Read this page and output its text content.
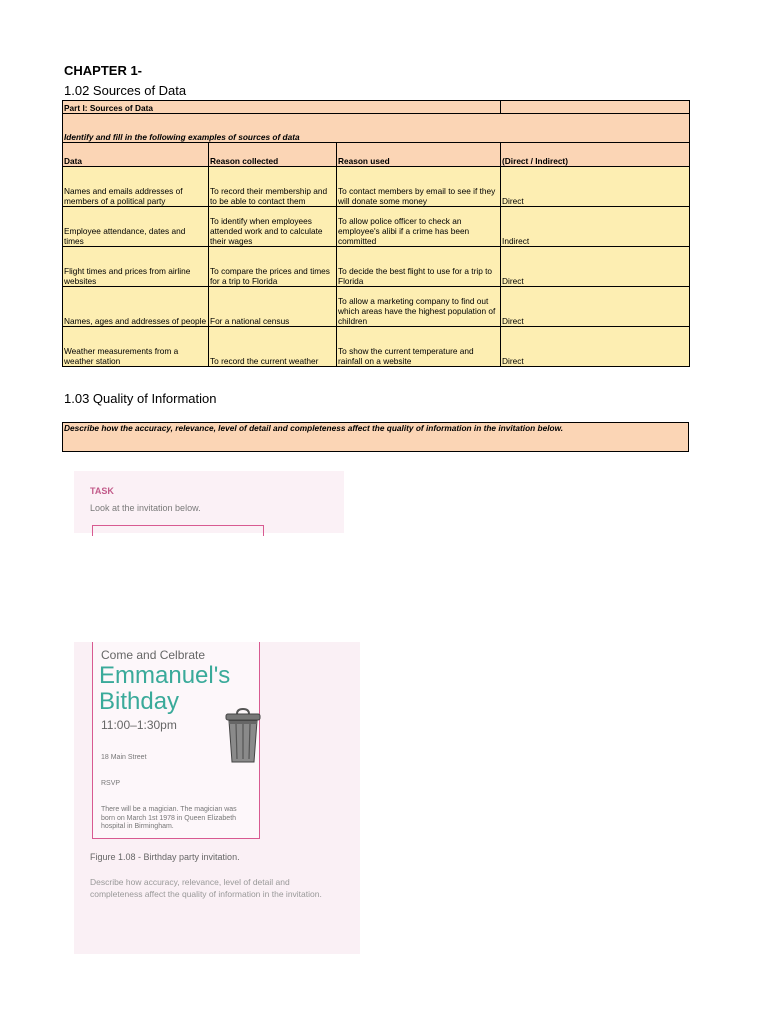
CHAPTER 1-
1.02 Sources of Data
Part I: Sources of Data			
Identify and fill in the following examples of sources of data			
Data	Reason collected	Reason used	(Direct / Indirect)
Names and emails addresses of members of a political party	To record their membership and to be able to contact them	To contact members by email to see if they will donate some money	Direct
Employee attendance, dates and times	To identify when employees attended work and to calculate their wages	To allow police officer to check an employee's alibi if a crime has been committed	Indirect
Flight times and prices from airline websites	To compare the prices and times for a trip to Florida	To decide the best flight to use for a trip to Florida	Direct
Names, ages and addresses of people	For a national census	To allow a marketing company to find out which areas have the highest population of children	Direct
Weather measurements from a weather station	To record the current weather	To show the current temperature and rainfall on a website	Direct
1.03 Quality of Information
Describe how the accuracy, relevance, level of detail and completeness affect the quality of information in the invitation below.
TASK
Look at the invitation below.
Come and Celbrate
Emmanuel's
Bithday
11:00–1:30pm
18 Main Street
RSVP
There will be a magician. The magician was born on March 1st 1978 in Queen Elizabeth hospital in Birmingham.
Figure 1.08 - Birthday party invitation.
Describe how accuracy, relevance, level of detail and completeness affect the quality of information in the invitation.
